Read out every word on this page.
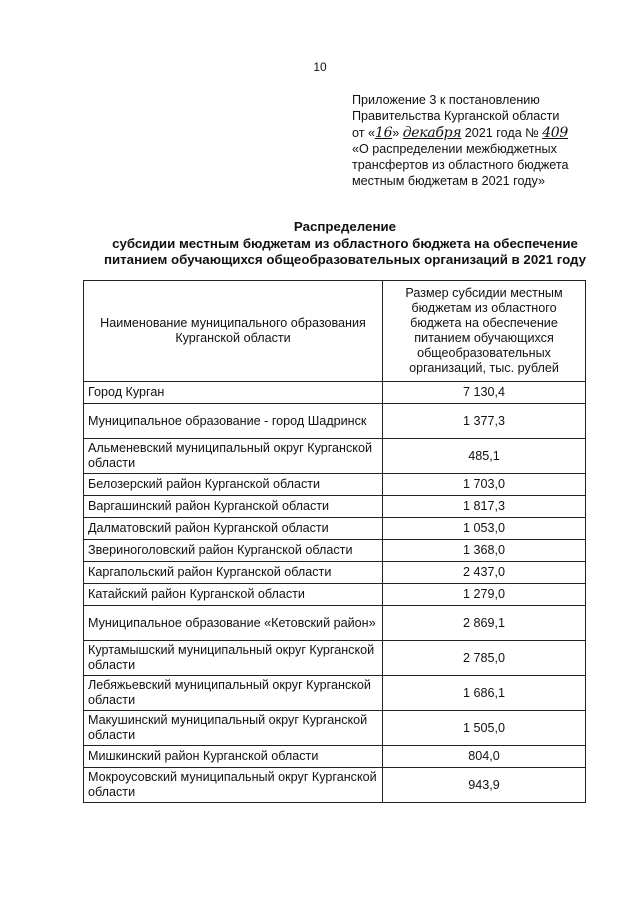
10
Приложение 3 к постановлению
Правительства Курганской области
от «16» декабря 2021 года № 409
«О распределении межбюджетных
трансфертов из областного бюджета
местным бюджетам в 2021 году»
Распределение
субсидии местным бюджетам из областного бюджета на обеспечение
питанием обучающихся общеобразовательных организаций в 2021 году
Наименование муниципального образования Курганской области	Размер субсидии местным бюджетам из областного бюджета на обеспечение питанием обучающихся общеобразовательных организаций, тыс. рублей
Город Курган	7 130,4
Муниципальное образование - город Шадринск	1 377,3
Альменевский муниципальный округ Курганской области	485,1
Белозерский район Курганской области	1 703,0
Варгашинский район Курганской области	1 817,3
Далматовский район Курганской области	1 053,0
Звериноголовский район Курганской области	1 368,0
Каргапольский район Курганской области	2 437,0
Катайский район Курганской области	1 279,0
Муниципальное образование «Кетовский район»	2 869,1
Куртамышский муниципальный округ Курганской области	2 785,0
Лебяжьевский муниципальный округ Курганской области	1 686,1
Макушинский муниципальный округ Курганской области	1 505,0
Мишкинский район Курганской области	804,0
Мокроусовский муниципальный округ Курганской области	943,9
